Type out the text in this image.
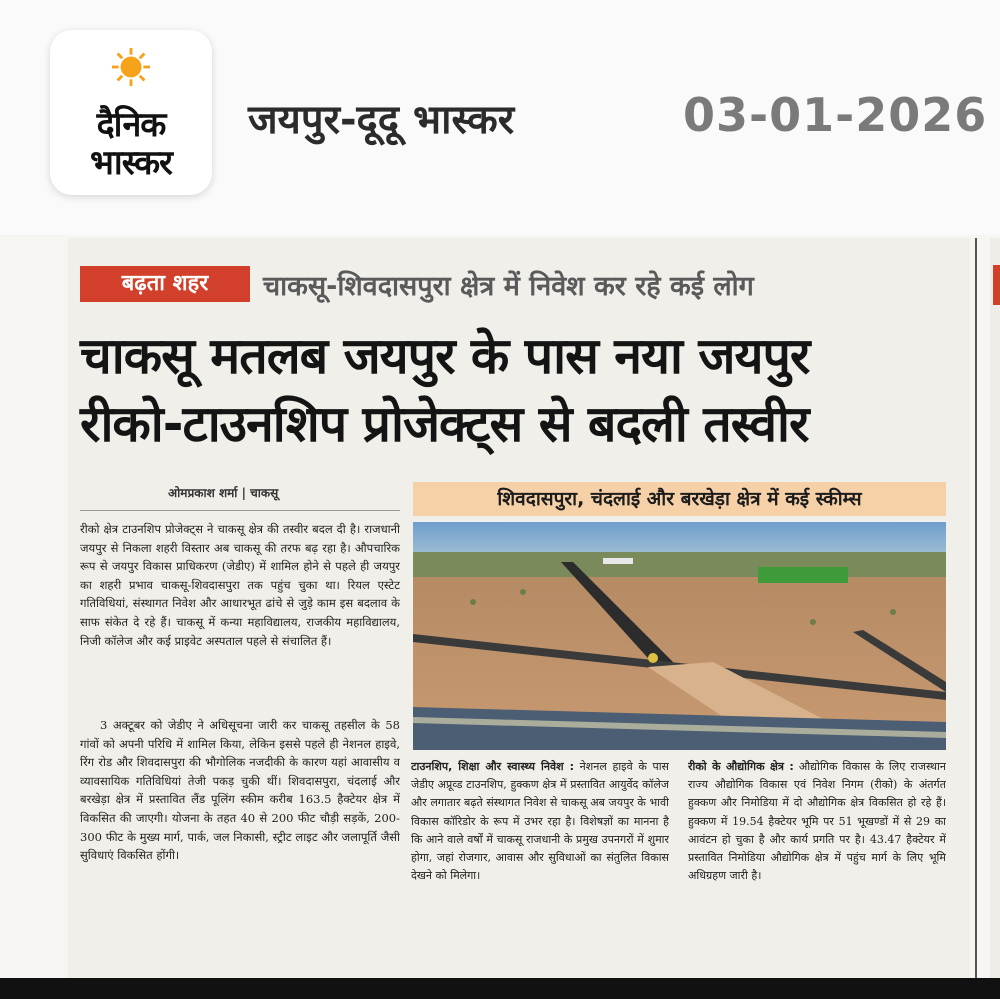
दैनिक
भास्कर
जयपुर-दूदू भास्कर	03-01-2026
बढ़ता शहर	चाकसू-शिवदासपुरा क्षेत्र में निवेश कर रहे कई लोग
चाकसू मतलब जयपुर के पास नया जयपुर
रीको-टाउनशिप प्रोजेक्ट्स से बदली तस्वीर
ओमप्रकाश शर्मा | चाकसू
रीको क्षेत्र टाउनशिप प्रोजेक्ट्स ने चाकसू क्षेत्र की तस्वीर बदल दी है। राजधानी जयपुर से निकला शहरी विस्तार अब चाकसू की तरफ बढ़ रहा है। औपचारिक रूप से जयपुर विकास प्राधिकरण (जेडीए) में शामिल होने से पहले ही जयपुर का शहरी प्रभाव चाकसू-शिवदासपुरा तक पहुंच चुका था। रियल एस्टेट गतिविधियां, संस्थागत निवेश और आधारभूत ढांचे से जुड़े काम इस बदलाव के साफ संकेत दे रहे हैं। चाकसू में कन्या महाविद्यालय, राजकीय महाविद्यालय, निजी कॉलेज और कई प्राइवेट अस्पताल पहले से संचालित हैं।
3 अक्टूबर को जेडीए ने अधिसूचना जारी कर चाकसू तहसील के 58 गांवों को अपनी परिधि में शामिल किया, लेकिन इससे पहले ही नेशनल हाइवे, रिंग रोड और शिवदासपुरा की भौगोलिक नजदीकी के कारण यहां आवासीय व व्यावसायिक गतिविधियां तेजी पकड़ चुकी थीं। शिवदासपुरा, चंदलाई और बरखेड़ा क्षेत्र में प्रस्तावित लैंड पूलिंग स्कीम करीब 163.5 हैक्टेयर क्षेत्र में विकसित की जाएगी। योजना के तहत 40 से 200 फीट चौड़ी सड़कें, 200-300 फीट के मुख्य मार्ग, पार्क, जल निकासी, स्ट्रीट लाइट और जलापूर्ति जैसी सुविधाएं विकसित होंगी।
शिवदासपुरा, चंदलाई और बरखेड़ा क्षेत्र में कई स्कीम्स
टाउनशिप, शिक्षा और स्वास्थ्य निवेश : नेशनल हाइवे के पास जेडीए अप्रूव्ड टाउनशिप, हुक्कण क्षेत्र में प्रस्तावित आयुर्वेद कॉलेज और लगातार बढ़ते संस्थागत निवेश से चाकसू अब जयपुर के भावी विकास कॉरिडोर के रूप में उभर रहा है। विशेषज्ञों का मानना है कि आने वाले वर्षों में चाकसू राजधानी के प्रमुख उपनगरों में शुमार होगा, जहां रोजगार, आवास और सुविधाओं का संतुलित विकास देखने को मिलेगा।
रीको के औद्योगिक क्षेत्र : औद्योगिक विकास के लिए राजस्थान राज्य औद्योगिक विकास एवं निवेश निगम (रीको) के अंतर्गत हुक्कण और निमोडिया में दो औद्योगिक क्षेत्र विकसित हो रहे हैं। हुक्कण में 19.54 हैक्टेयर भूमि पर 51 भूखण्डों में से 29 का आवंटन हो चुका है और कार्य प्रगति पर है। 43.47 हैक्टेयर में प्रस्तावित निमोडिया औद्योगिक क्षेत्र में पहुंच मार्ग के लिए भूमि अधिग्रहण जारी है।
